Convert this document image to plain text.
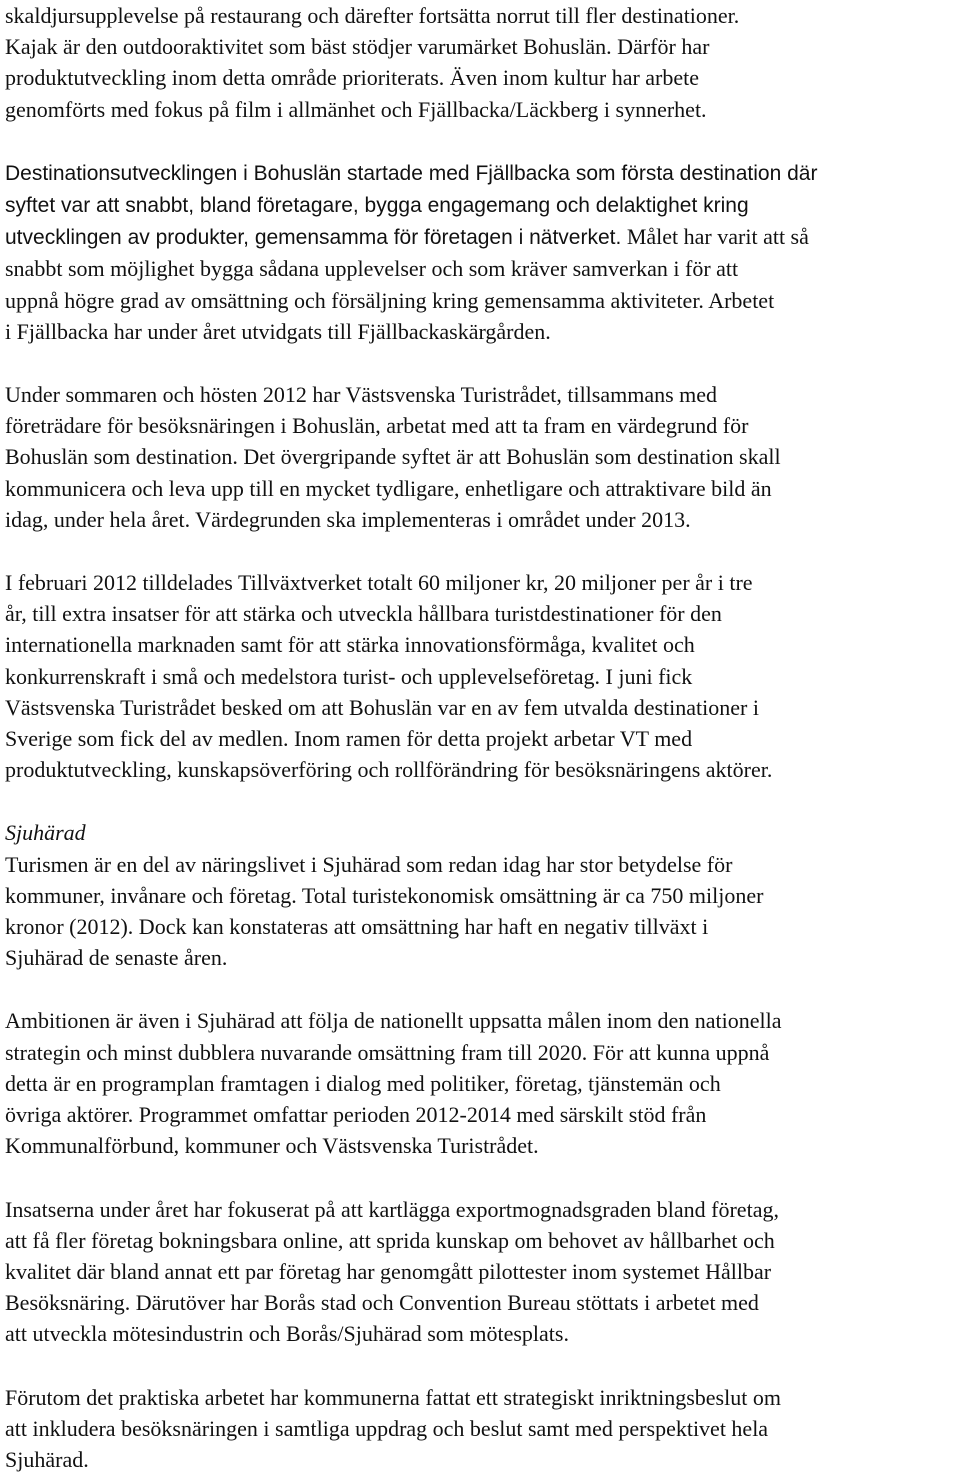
skaldjursupplevelse på restaurang och därefter fortsätta norrut till fler destinationer.
Kajak är den outdooraktivitet som bäst stödjer varumärket Bohuslän. Därför har
produktutveckling inom detta område prioriterats. Även inom kultur har arbete
genomförts med fokus på film i allmänhet och Fjällbacka/Läckberg i synnerhet.

Destinationsutvecklingen i Bohuslän startade med Fjällbacka som första destination där
syftet var att snabbt, bland företagare, bygga engagemang och delaktighet kring
utvecklingen av produkter, gemensamma för företagen i nätverket. Målet har varit att så
snabbt som möjlighet bygga sådana upplevelser och som kräver samverkan i för att
uppnå högre grad av omsättning och försäljning kring gemensamma aktiviteter. Arbetet
i Fjällbacka har under året utvidgats till Fjällbackaskärgården.

Under sommaren och hösten 2012 har Västsvenska Turistrådet, tillsammans med
företrädare för besöksnäringen i Bohuslän, arbetat med att ta fram en värdegrund för
Bohuslän som destination. Det övergripande syftet är att Bohuslän som destination skall
kommunicera och leva upp till en mycket tydligare, enhetligare och attraktivare bild än
idag, under hela året. Värdegrunden ska implementeras i området under 2013.

I februari 2012 tilldelades Tillväxtverket totalt 60 miljoner kr, 20 miljoner per år i tre
år, till extra insatser för att stärka och utveckla hållbara turistdestinationer för den
internationella marknaden samt för att stärka innovationsförmåga, kvalitet och
konkurrenskraft i små och medelstora turist- och upplevelseföretag. I juni fick
Västsvenska Turistrådet besked om att Bohuslän var en av fem utvalda destinationer i
Sverige som fick del av medlen. Inom ramen för detta projekt arbetar VT med
produktutveckling, kunskapsöverföring och rollförändring för besöksnäringens aktörer.

Sjuhärad

Turismen är en del av näringslivet i Sjuhärad som redan idag har stor betydelse för
kommuner, invånare och företag. Total turistekonomisk omsättning är ca 750 miljoner
kronor (2012). Dock kan konstateras att omsättning har haft en negativ tillväxt i
Sjuhärad de senaste åren.

Ambitionen är även i Sjuhärad att följa de nationellt uppsatta målen inom den nationella
strategin och minst dubblera nuvarande omsättning fram till 2020. För att kunna uppnå
detta är en programplan framtagen i dialog med politiker, företag, tjänstemän och
övriga aktörer. Programmet omfattar perioden 2012-2014 med särskilt stöd från
Kommunalförbund, kommuner och Västsvenska Turistrådet.

Insatserna under året har fokuserat på att kartlägga exportmognadsgraden bland företag,
att få fler företag bokningsbara online, att sprida kunskap om behovet av hållbarhet och
kvalitet där bland annat ett par företag har genomgått pilottester inom systemet Hållbar
Besöksnäring. Därutöver har Borås stad och Convention Bureau stöttats i arbetet med
att utveckla mötesindustrin och Borås/Sjuhärad som mötesplats.

Förutom det praktiska arbetet har kommunerna fattat ett strategiskt inriktningsbeslut om
att inkludera besöksnäringen i samtliga uppdrag och beslut samt med perspektivet hela
Sjuhärad.
